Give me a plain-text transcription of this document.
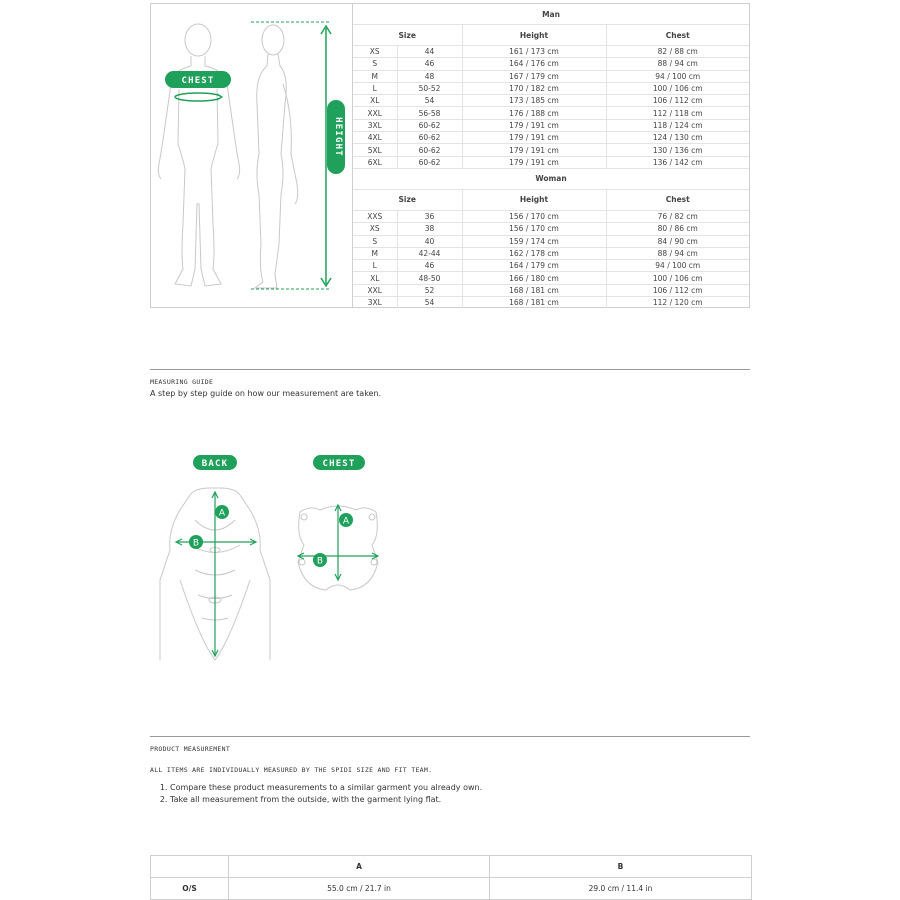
HEIGHT
CHEST
Man			
Size		Height	Chest
XS	44	161 / 173 cm	82 / 88 cm
S	46	164 / 176 cm	88 / 94 cm
M	48	167 / 179 cm	94 / 100 cm
L	50-52	170 / 182 cm	100 / 106 cm
XL	54	173 / 185 cm	106 / 112 cm
XXL	56-58	176 / 188 cm	112 / 118 cm
3XL	60-62	179 / 191 cm	118 / 124 cm
4XL	60-62	179 / 191 cm	124 / 130 cm
5XL	60-62	179 / 191 cm	130 / 136 cm
6XL	60-62	179 / 191 cm	136 / 142 cm
Woman			
Size		Height	Chest
XXS	36	156 / 170 cm	76 / 82 cm
XS	38	156 / 170 cm	80 / 86 cm
S	40	159 / 174 cm	84 / 90 cm
M	42-44	162 / 178 cm	88 / 94 cm
L	46	164 / 179 cm	94 / 100 cm
XL	48-50	166 / 180 cm	100 / 106 cm
XXL	52	168 / 181 cm	106 / 112 cm
3XL	54	168 / 181 cm	112 / 120 cm
MEASURING GUIDE
A step by step guide on how our measurement are taken.
BACK	CHEST
A
B
A
B
PRODUCT MEASUREMENT
ALL ITEMS ARE INDIVIDUALLY MEASURED BY THE SPIDI SIZE AND FIT TEAM.
1. Compare these product measurements to a similar garment you already own.
2. Take all measurement from the outside, with the garment lying flat.
	A	B
O/S	55.0 cm / 21.7 in	29.0 cm / 11.4 in
